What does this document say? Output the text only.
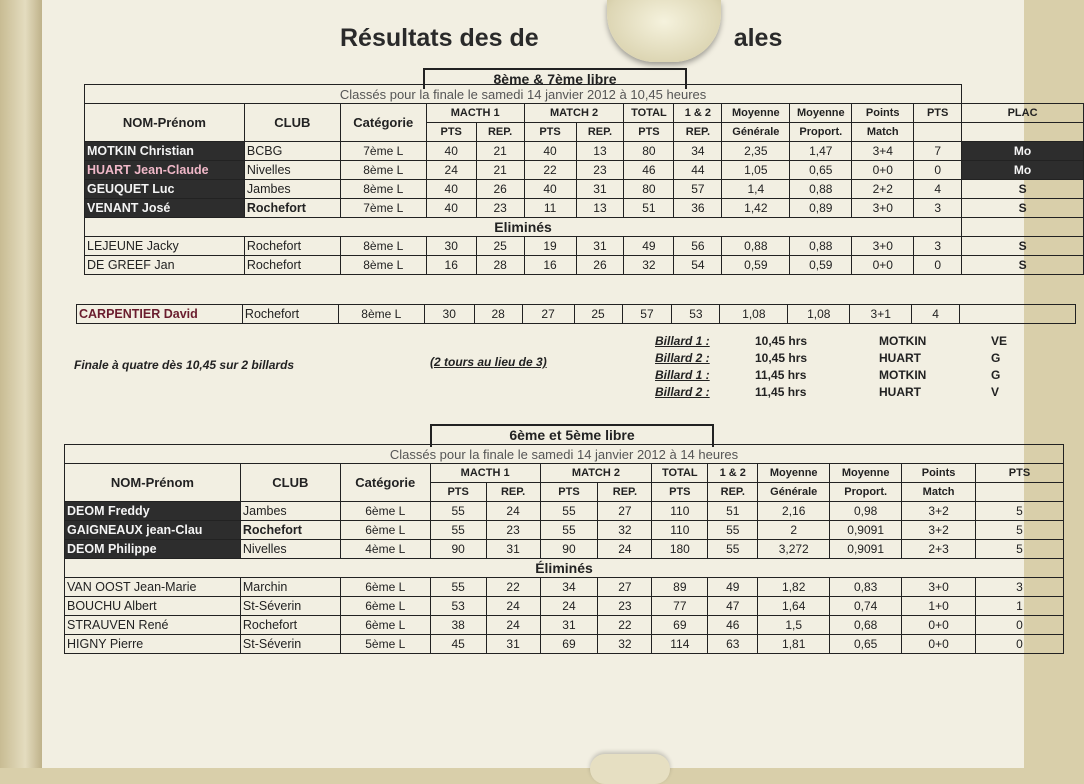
Résultats des de	ales
8ème & 7ème libre
Classés pour la finale le samedi 14 janvier 2012 à 10,45 heures													
NOM-Prénom	CLUB	Catégorie	MACTH 1		MATCH 2		TOTAL	1 & 2	Moyenne	Moyenne	Points	PTS	PLAC
			PTS	REP.	PTS	REP.	PTS	REP.	Générale	Proport.	Match		
MOTKIN Christian	BCBG	7ème L	40	21	40	13	80	34	2,35	1,47	3+4	7	Mo
HUART Jean-Claude	Nivelles	8ème L	24	21	22	23	46	44	1,05	0,65	0+0	0	Mo
GEUQUET Luc	Jambes	8ème L	40	26	40	31	80	57	1,4	0,88	2+2	4	S
VENANT José	Rochefort	7ème L	40	23	11	13	51	36	1,42	0,89	3+0	3	S
Eliminés													
LEJEUNE Jacky	Rochefort	8ème L	30	25	19	31	49	56	0,88	0,88	3+0	3	S
DE GREEF Jan	Rochefort	8ème L	16	28	16	26	32	54	0,59	0,59	0+0	0	S
CARPENTIER David	Rochefort	8ème L	30	28	27	25	57	53	1,08	1,08	3+1	4	
Finale à quatre dès 10,45 sur 2 billards	(2 tours au lieu de 3)
Billard 1 :	10,45 hrs	MOTKIN	VE
Billard 2 :	10,45 hrs	HUART	G
Billard 1 :	11,45 hrs	MOTKIN	G
Billard 2 :	11,45 hrs	HUART	V
6ème et 5ème libre
Classés pour la finale le samedi 14 janvier 2012 à 14 heures												
NOM-Prénom	CLUB	Catégorie	MACTH 1		MATCH 2		TOTAL	1 & 2	Moyenne	Moyenne	Points	PTS
			PTS	REP.	PTS	REP.	PTS	REP.	Générale	Proport.	Match	
DEOM Freddy	Jambes	6ème L	55	24	55	27	110	51	2,16	0,98	3+2	5
GAIGNEAUX jean-Clau	Rochefort	6ème L	55	23	55	32	110	55	2	0,9091	3+2	5
DEOM Philippe	Nivelles	4ème L	90	31	90	24	180	55	3,272	0,9091	2+3	5
Éliminés												
VAN OOST Jean-Marie	Marchin	6ème L	55	22	34	27	89	49	1,82	0,83	3+0	3
BOUCHU Albert	St-Séverin	6ème L	53	24	24	23	77	47	1,64	0,74	1+0	1
STRAUVEN René	Rochefort	6ème L	38	24	31	22	69	46	1,5	0,68	0+0	0
HIGNY Pierre	St-Séverin	5ème L	45	31	69	32	114	63	1,81	0,65	0+0	0
